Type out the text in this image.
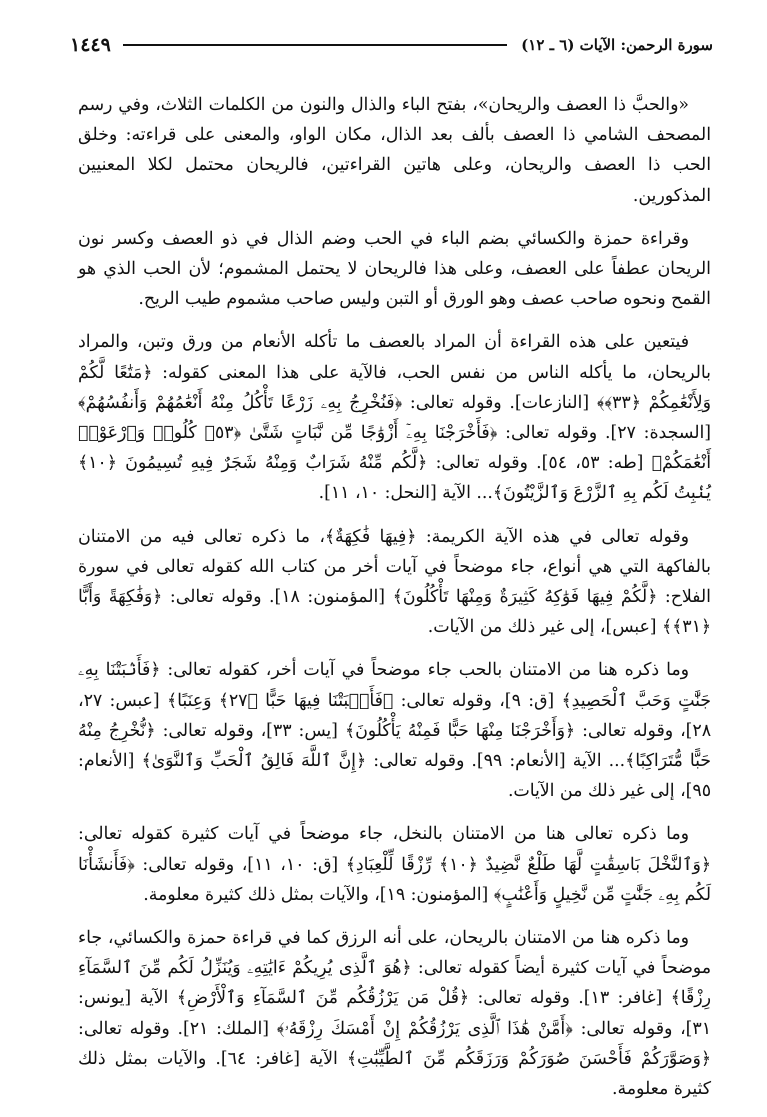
سورة الرحمن: الآيات (٦ ـ ١٢)
١٤٤٩

«والحبَّ ذا العصف والريحان»، بفتح الباء والذال والنون من الكلمات الثلاث، وفي رسم المصحف الشامي ذا العصف بألف بعد الذال، مكان الواو، والمعنى على قراءته: وخلق الحب ذا العصف والريحان، وعلى هاتين القراءتين، فالريحان محتمل لكلا المعنيين المذكورين.

وقراءة حمزة والكسائي بضم الباء في الحب وضم الذال في ذو العصف وكسر نون الريحان عطفاً على العصف، وعلى هذا فالريحان لا يحتمل المشموم؛ لأن الحب الذي هو القمح ونحوه صاحب عصف وهو الورق أو التبن وليس صاحب مشموم طيب الريح.

فيتعين على هذه القراءة أن المراد بالعصف ما تأكله الأنعام من ورق وتبن، والمراد بالريحان، ما يأكله الناس من نفس الحب، فالآية على هذا المعنى كقوله: ﴿مَتَٰعًا لَّكُمْ وَلِأَنْعَٰمِكُمْ ﴿٣٣﴾﴾ [النازعات]. وقوله تعالى: ﴿فَنُخْرِجُ بِهِۦ زَرْعًا تَأْكُلُ مِنْهُ أَنْعَٰمُهُمْ وَأَنفُسُهُمْ﴾ [السجدة: ٢٧]. وقوله تعالى: ﴿فَأَخْرَجْنَا بِهِۦٓ أَزْوَٰجًا مِّن نَّبَاتٍ شَتَّىٰ ﴿٥٣﴾ كُلُوا۟ وَٱرْعَوْا۟ أَنْعَٰمَكُمْ﴾ [طه: ٥٣، ٥٤]. وقوله تعالى: ﴿لَّكُم مِّنْهُ شَرَابٌ وَمِنْهُ شَجَرٌ فِيهِ تُسِيمُونَ ﴿١٠﴾ يُنۢبِتُ لَكُم بِهِ ٱلزَّرْعَ وَٱلزَّيْتُونَ﴾... الآية [النحل: ١٠، ١١].

وقوله تعالى في هذه الآية الكريمة: ﴿فِيهَا فَٰكِهَةٌ﴾، ما ذكره تعالى فيه من الامتنان بالفاكهة التي هي أنواع، جاء موضحاً في آيات أخر من كتاب الله كقوله تعالى في سورة الفلاح: ﴿لَّكُمْ فِيهَا فَوَٰكِهُ كَثِيرَةٌ وَمِنْهَا تَأْكُلُونَ﴾ [المؤمنون: ١٨]. وقوله تعالى: ﴿وَفَٰكِهَةً وَأَبًّا ﴿٣١﴾﴾ [عبس]، إلى غير ذلك من الآيات.

وما ذكره هنا من الامتنان بالحب جاء موضحاً في آيات أخر، كقوله تعالى: ﴿فَأَنۢبَتْنَا بِهِۦ جَنَّٰتٍ وَحَبَّ ٱلْحَصِيدِ﴾ [ق: ٩]، وقوله تعالى: ﴿فَأَنۢبَتْنَا فِيهَا حَبًّا ﴿٢٧﴾ وَعِنَبًا﴾ [عبس: ٢٧، ٢٨]، وقوله تعالى: ﴿وَأَخْرَجْنَا مِنْهَا حَبًّا فَمِنْهُ يَأْكُلُونَ﴾ [يس: ٣٣]، وقوله تعالى: ﴿نُّخْرِجُ مِنْهُ حَبًّا مُّتَرَاكِبًا﴾... الآية [الأنعام: ٩٩]. وقوله تعالى: ﴿إِنَّ ٱللَّهَ فَالِقُ ٱلْحَبِّ وَٱلنَّوَىٰ﴾ [الأنعام: ٩٥]، إلى غير ذلك من الآيات.

وما ذكره تعالى هنا من الامتنان بالنخل، جاء موضحاً في آيات كثيرة كقوله تعالى: ﴿وَٱلنَّخْلَ بَاسِقَٰتٍ لَّهَا طَلْعٌ نَّضِيدٌ ﴿١٠﴾ رِّزْقًا لِّلْعِبَادِ﴾ [ق: ١٠، ١١]، وقوله تعالى: ﴿فَأَنشَأْنَا لَكُم بِهِۦ جَنَّٰتٍ مِّن نَّخِيلٍ وَأَعْنَٰبٍ﴾ [المؤمنون: ١٩]، والآيات بمثل ذلك كثيرة معلومة.

وما ذكره هنا من الامتنان بالريحان، على أنه الرزق كما في قراءة حمزة والكسائي، جاء موضحاً في آيات كثيرة أيضاً كقوله تعالى: ﴿هُوَ ٱلَّذِى يُرِيكُمْ ءَايَٰتِهِۦ وَيُنَزِّلُ لَكُم مِّنَ ٱلسَّمَآءِ رِزْقًا﴾ [غافر: ١٣]. وقوله تعالى: ﴿قُلْ مَن يَرْزُقُكُم مِّنَ ٱلسَّمَآءِ وَٱلْأَرْضِ﴾ الآية [يونس: ٣١]، وقوله تعالى: ﴿أَمَّنْ هَٰذَا ٱلَّذِى يَرْزُقُكُمْ إِنْ أَمْسَكَ رِزْقَهُۥ﴾ [الملك: ٢١]. وقوله تعالى: ﴿وَصَوَّرَكُمْ فَأَحْسَنَ صُوَرَكُمْ وَرَزَقَكُم مِّنَ ٱلطَّيِّبَٰتِ﴾ الآية [غافر: ٦٤]. والآيات بمثل ذلك كثيرة معلومة.
